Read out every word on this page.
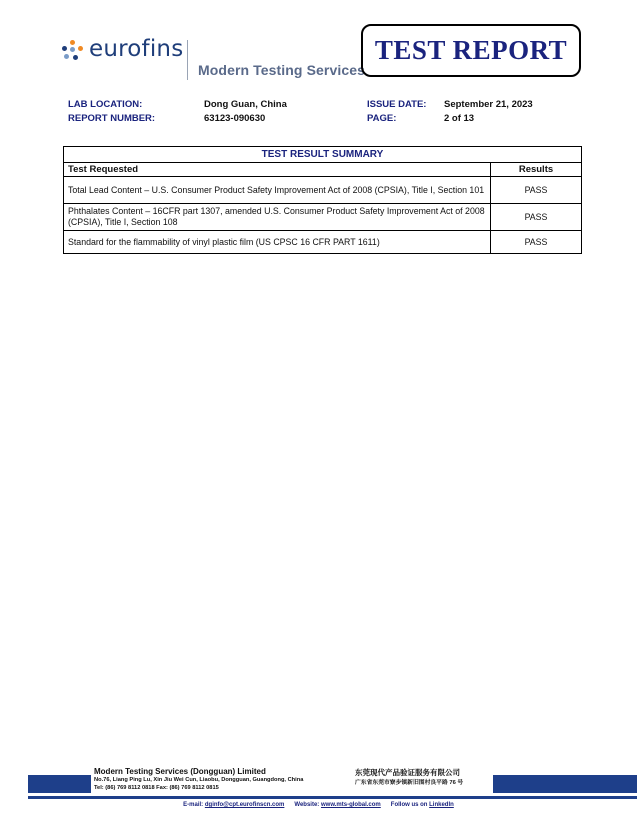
eurofins
Modern Testing Services
TEST REPORT
LAB LOCATION:	Dong Guan, China
REPORT NUMBER:	63123-090630
ISSUE DATE: September 21, 2023
PAGE:	2 of 13
TEST RESULT SUMMARY	
Test Requested	Results
Total Lead Content – U.S. Consumer Product Safety Improvement Act of 2008 (CPSIA), Title I, Section 101	PASS
Phthalates Content – 16CFR part 1307, amended U.S. Consumer Product Safety Improvement Act of 2008 (CPSIA), Title I, Section 108	PASS
Standard for the flammability of vinyl plastic film (US CPSC 16 CFR PART 1611)	PASS
Modern Testing Services (Dongguan) Limited
No.76, Liang Ping Lu, Xin Jiu Wei Cun, Liaobu, Dongguan, Guangdong, China
Tel: (86) 769 8112 0818 Fax: (86) 769 8112 0815
东莞现代产品验证服务有限公司
广东省东莞市寮步镇新旧围村良平路 76 号
E-mail: dginfo@cpt.eurofinscn.com Website: www.mts-global.com Follow us on LinkedIn
